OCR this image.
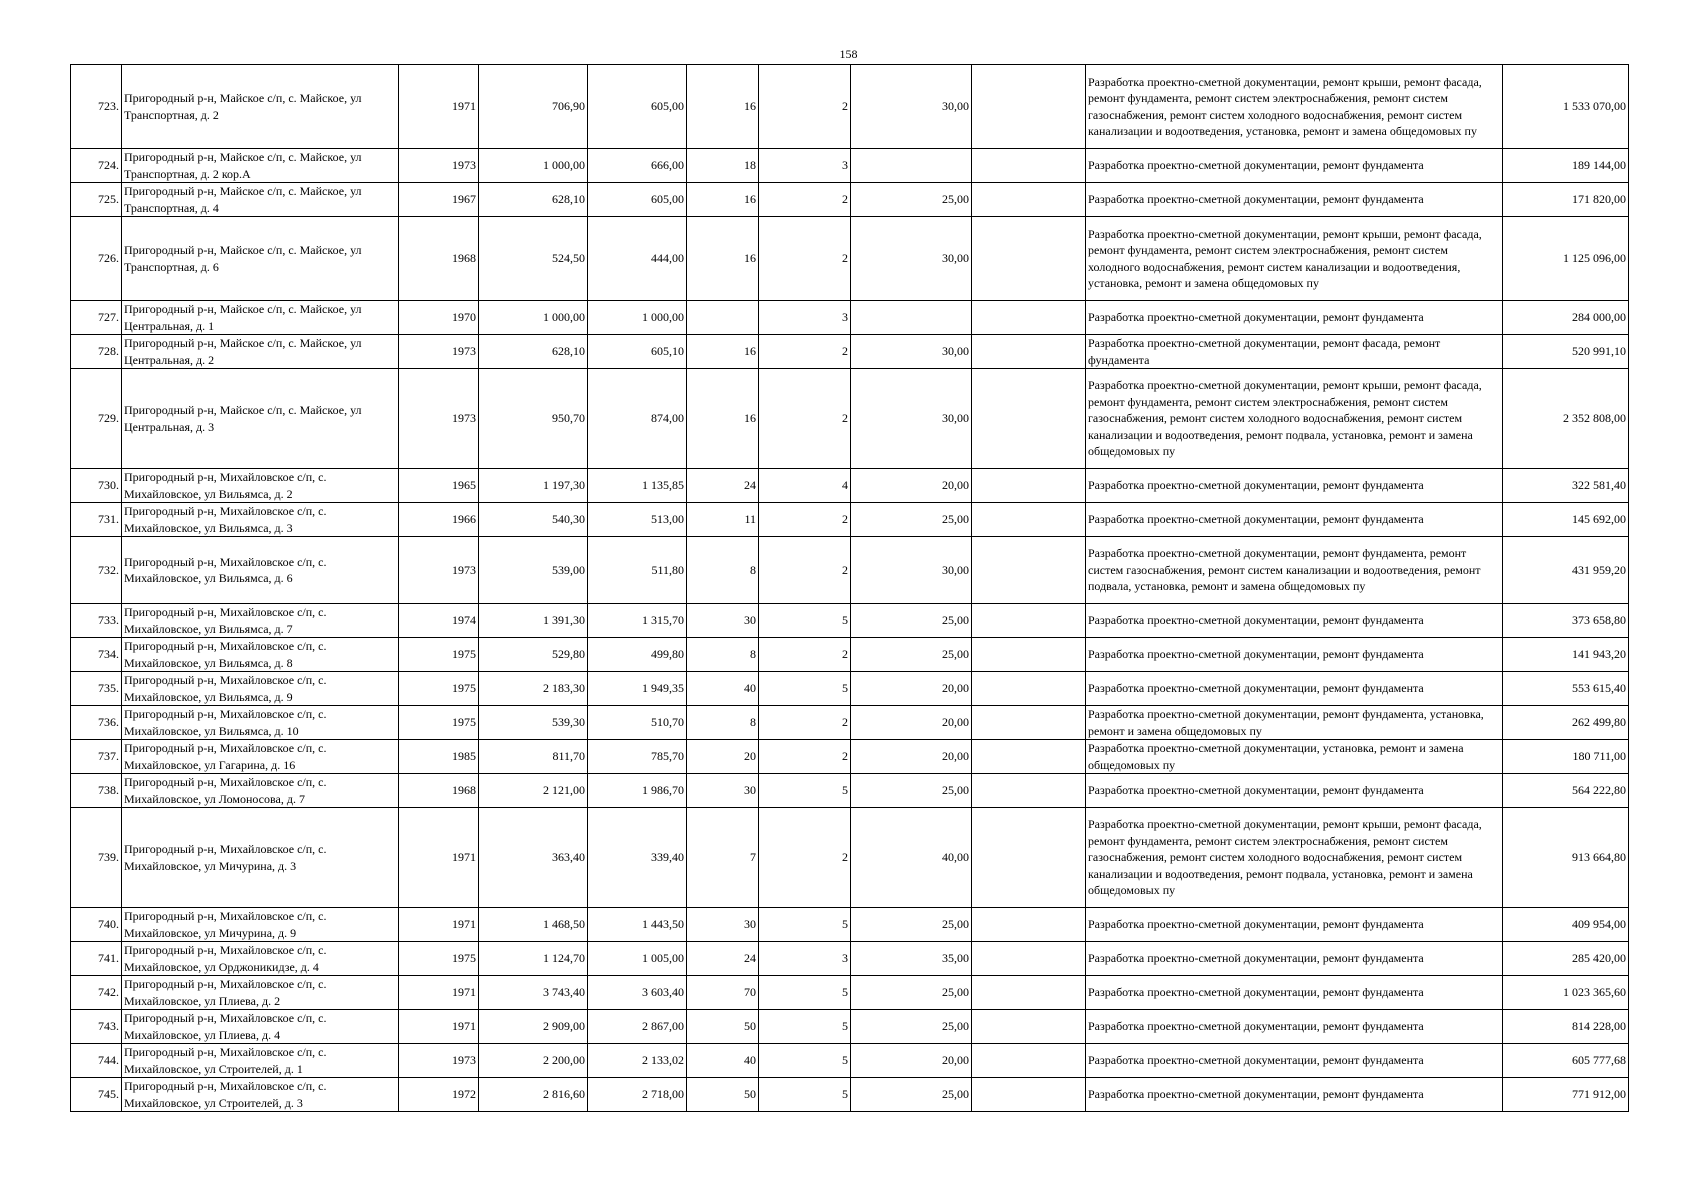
158
723.	Пригородный р-н, Майское с/п, с. Майское, ул Транспортная, д. 2	1971	706,90	605,00	16	2	30,00		Разработка проектно-сметной документации, ремонт крыши, ремонт фасада, ремонт фундамента, ремонт систем электроснабжения, ремонт систем газоснабжения, ремонт систем холодного водоснабжения, ремонт систем канализации и водоотведения, установка, ремонт и замена общедомовых пу	1 533 070,00
724.	Пригородный р-н, Майское с/п, с. Майское, ул Транспортная, д. 2 кор.А	1973	1 000,00	666,00	18	3			Разработка проектно-сметной документации, ремонт фундамента	189 144,00
725.	Пригородный р-н, Майское с/п, с. Майское, ул Транспортная, д. 4	1967	628,10	605,00	16	2	25,00		Разработка проектно-сметной документации, ремонт фундамента	171 820,00
726.	Пригородный р-н, Майское с/п, с. Майское, ул Транспортная, д. 6	1968	524,50	444,00	16	2	30,00		Разработка проектно-сметной документации, ремонт крыши, ремонт фасада, ремонт фундамента, ремонт систем электроснабжения, ремонт систем холодного водоснабжения, ремонт систем канализации и водоотведения, установка, ремонт и замена общедомовых пу	1 125 096,00
727.	Пригородный р-н, Майское с/п, с. Майское, ул Центральная, д. 1	1970	1 000,00	1 000,00		3			Разработка проектно-сметной документации, ремонт фундамента	284 000,00
728.	Пригородный р-н, Майское с/п, с. Майское, ул Центральная, д. 2	1973	628,10	605,10	16	2	30,00		Разработка проектно-сметной документации, ремонт фасада, ремонт фундамента	520 991,10
729.	Пригородный р-н, Майское с/п, с. Майское, ул Центральная, д. 3	1973	950,70	874,00	16	2	30,00		Разработка проектно-сметной документации, ремонт крыши, ремонт фасада, ремонт фундамента, ремонт систем электроснабжения, ремонт систем газоснабжения, ремонт систем холодного водоснабжения, ремонт систем канализации и водоотведения, ремонт подвала, установка, ремонт и замена общедомовых пу	2 352 808,00
730.	Пригородный р-н, Михайловское с/п, с. Михайловское, ул Вильямса, д. 2	1965	1 197,30	1 135,85	24	4	20,00		Разработка проектно-сметной документации, ремонт фундамента	322 581,40
731.	Пригородный р-н, Михайловское с/п, с. Михайловское, ул Вильямса, д. 3	1966	540,30	513,00	11	2	25,00		Разработка проектно-сметной документации, ремонт фундамента	145 692,00
732.	Пригородный р-н, Михайловское с/п, с. Михайловское, ул Вильямса, д. 6	1973	539,00	511,80	8	2	30,00		Разработка проектно-сметной документации, ремонт фундамента, ремонт систем газоснабжения, ремонт систем канализации и водоотведения, ремонт подвала, установка, ремонт и замена общедомовых пу	431 959,20
733.	Пригородный р-н, Михайловское с/п, с. Михайловское, ул Вильямса, д. 7	1974	1 391,30	1 315,70	30	5	25,00		Разработка проектно-сметной документации, ремонт фундамента	373 658,80
734.	Пригородный р-н, Михайловское с/п, с. Михайловское, ул Вильямса, д. 8	1975	529,80	499,80	8	2	25,00		Разработка проектно-сметной документации, ремонт фундамента	141 943,20
735.	Пригородный р-н, Михайловское с/п, с. Михайловское, ул Вильямса, д. 9	1975	2 183,30	1 949,35	40	5	20,00		Разработка проектно-сметной документации, ремонт фундамента	553 615,40
736.	Пригородный р-н, Михайловское с/п, с. Михайловское, ул Вильямса, д. 10	1975	539,30	510,70	8	2	20,00		Разработка проектно-сметной документации, ремонт фундамента, установка, ремонт и замена общедомовых пу	262 499,80
737.	Пригородный р-н, Михайловское с/п, с. Михайловское, ул Гагарина, д. 16	1985	811,70	785,70	20	2	20,00		Разработка проектно-сметной документации, установка, ремонт и замена общедомовых пу	180 711,00
738.	Пригородный р-н, Михайловское с/п, с. Михайловское, ул Ломоносова, д. 7	1968	2 121,00	1 986,70	30	5	25,00		Разработка проектно-сметной документации, ремонт фундамента	564 222,80
739.	Пригородный р-н, Михайловское с/п, с. Михайловское, ул Мичурина, д. 3	1971	363,40	339,40	7	2	40,00		Разработка проектно-сметной документации, ремонт крыши, ремонт фасада, ремонт фундамента, ремонт систем электроснабжения, ремонт систем газоснабжения, ремонт систем холодного водоснабжения, ремонт систем канализации и водоотведения, ремонт подвала, установка, ремонт и замена общедомовых пу	913 664,80
740.	Пригородный р-н, Михайловское с/п, с. Михайловское, ул Мичурина, д. 9	1971	1 468,50	1 443,50	30	5	25,00		Разработка проектно-сметной документации, ремонт фундамента	409 954,00
741.	Пригородный р-н, Михайловское с/п, с. Михайловское, ул Орджоникидзе, д. 4	1975	1 124,70	1 005,00	24	3	35,00		Разработка проектно-сметной документации, ремонт фундамента	285 420,00
742.	Пригородный р-н, Михайловское с/п, с. Михайловское, ул Плиева, д. 2	1971	3 743,40	3 603,40	70	5	25,00		Разработка проектно-сметной документации, ремонт фундамента	1 023 365,60
743.	Пригородный р-н, Михайловское с/п, с. Михайловское, ул Плиева, д. 4	1971	2 909,00	2 867,00	50	5	25,00		Разработка проектно-сметной документации, ремонт фундамента	814 228,00
744.	Пригородный р-н, Михайловское с/п, с. Михайловское, ул Строителей, д. 1	1973	2 200,00	2 133,02	40	5	20,00		Разработка проектно-сметной документации, ремонт фундамента	605 777,68
745.	Пригородный р-н, Михайловское с/п, с. Михайловское, ул Строителей, д. 3	1972	2 816,60	2 718,00	50	5	25,00		Разработка проектно-сметной документации, ремонт фундамента	771 912,00
